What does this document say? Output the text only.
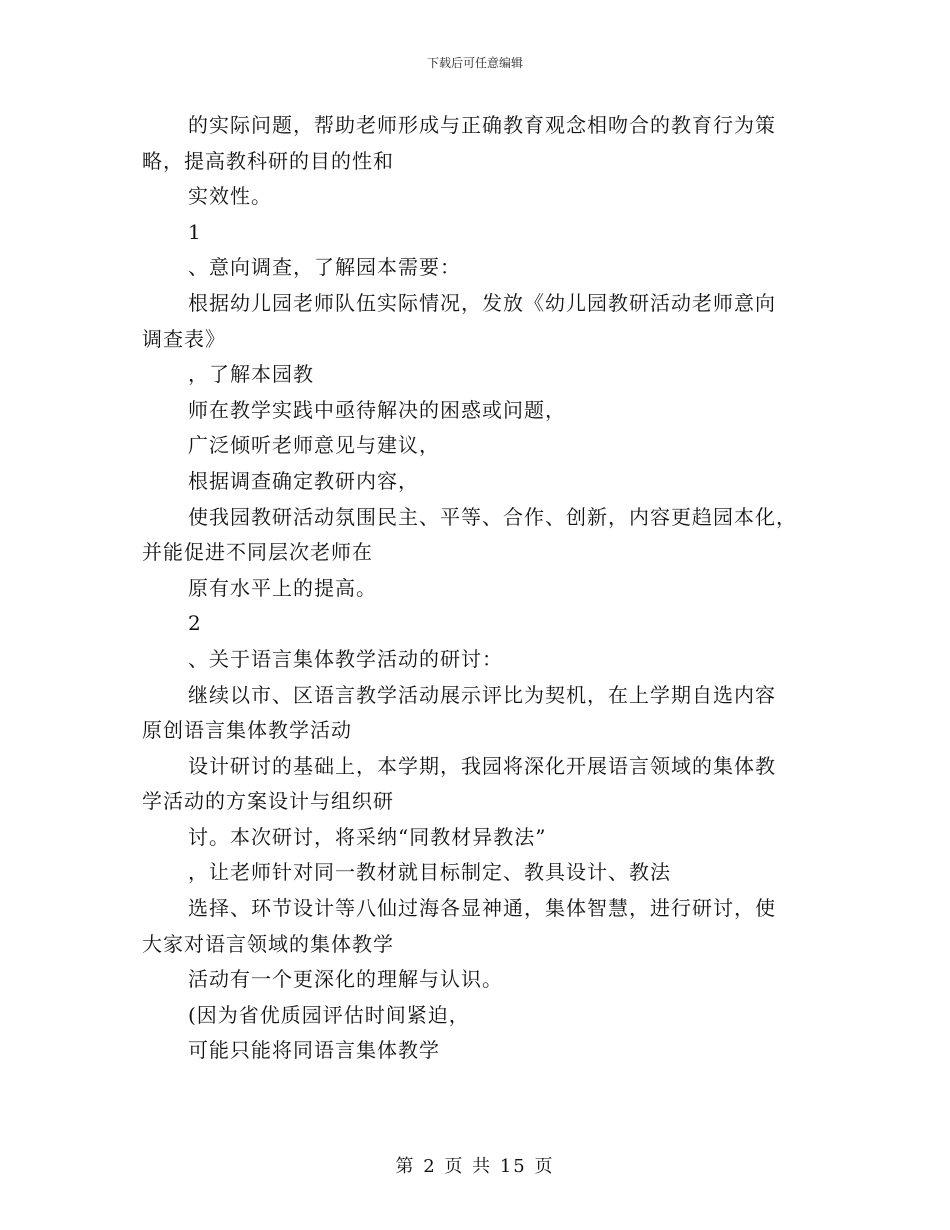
下载后可任意编辑
的实际问题，帮助老师形成与正确教育观念相吻合的教育行为策
略，提高教科研的目的性和
实效性。
1
、意向调查，了解园本需要：
根据幼儿园老师队伍实际情况，发放《幼儿园教研活动老师意向
调查表》
，了解本园教
师在教学实践中亟待解决的困惑或问题，
广泛倾听老师意见与建议，
根据调查确定教研内容，
使我园教研活动氛围民主、平等、合作、创新，内容更趋园本化，
并能促进不同层次老师在
原有水平上的提高。
2
、关于语言集体教学活动的研讨：
继续以市、区语言教学活动展示评比为契机，在上学期自选内容
原创语言集体教学活动
设计研讨的基础上，本学期，我园将深化开展语言领域的集体教
学活动的方案设计与组织研
讨。本次研讨，将采纳“同教材异教法”
，让老师针对同一教材就目标制定、教具设计、教法
选择、环节设计等八仙过海各显神通，集体智慧，进行研讨，使
大家对语言领域的集体教学
活动有一个更深化的理解与认识。
(因为省优质园评估时间紧迫，
可能只能将同语言集体教学
第 2 页 共 15 页
